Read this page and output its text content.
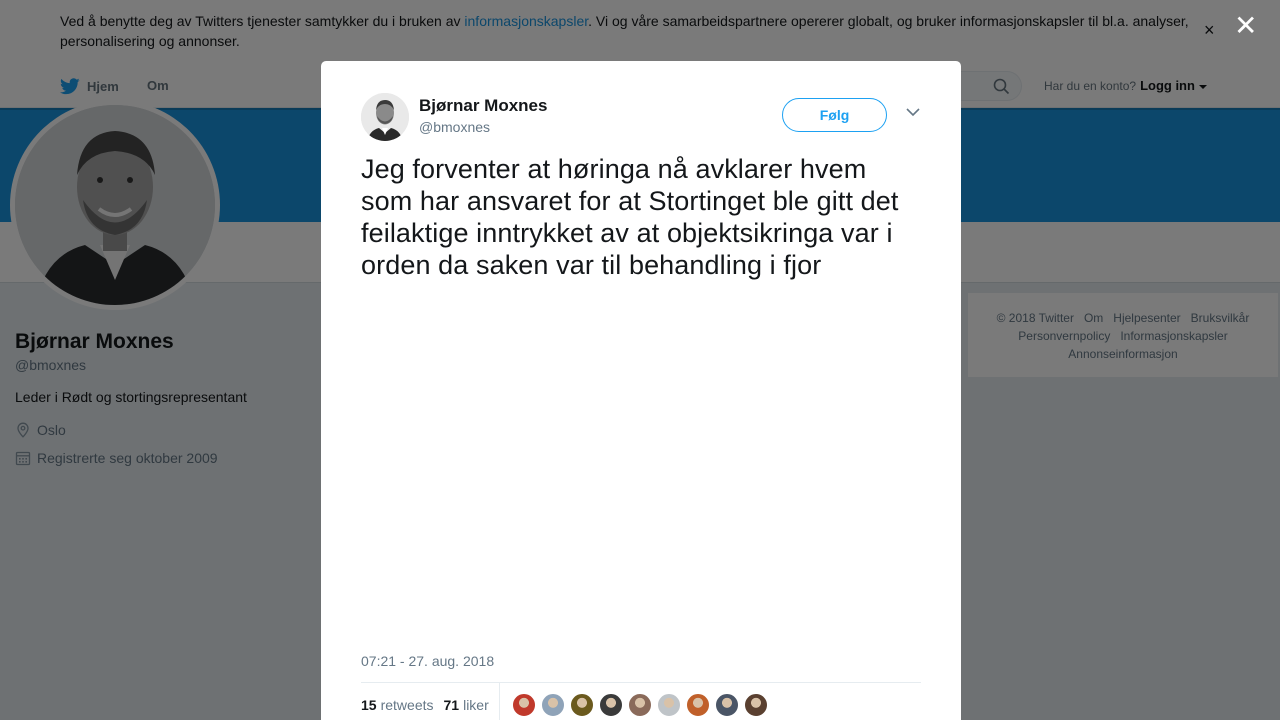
✕
Bjørnar Moxnes
@bmoxnes
Følg
Jeg forventer at høringa nå avklarer hvem som har ansvaret for at Stortinget ble gitt det feilaktige inntrykket av at objektsikringa var i orden da saken var til behandling i fjor
07:21 - 27. aug. 2018
15 retweets 71 liker
